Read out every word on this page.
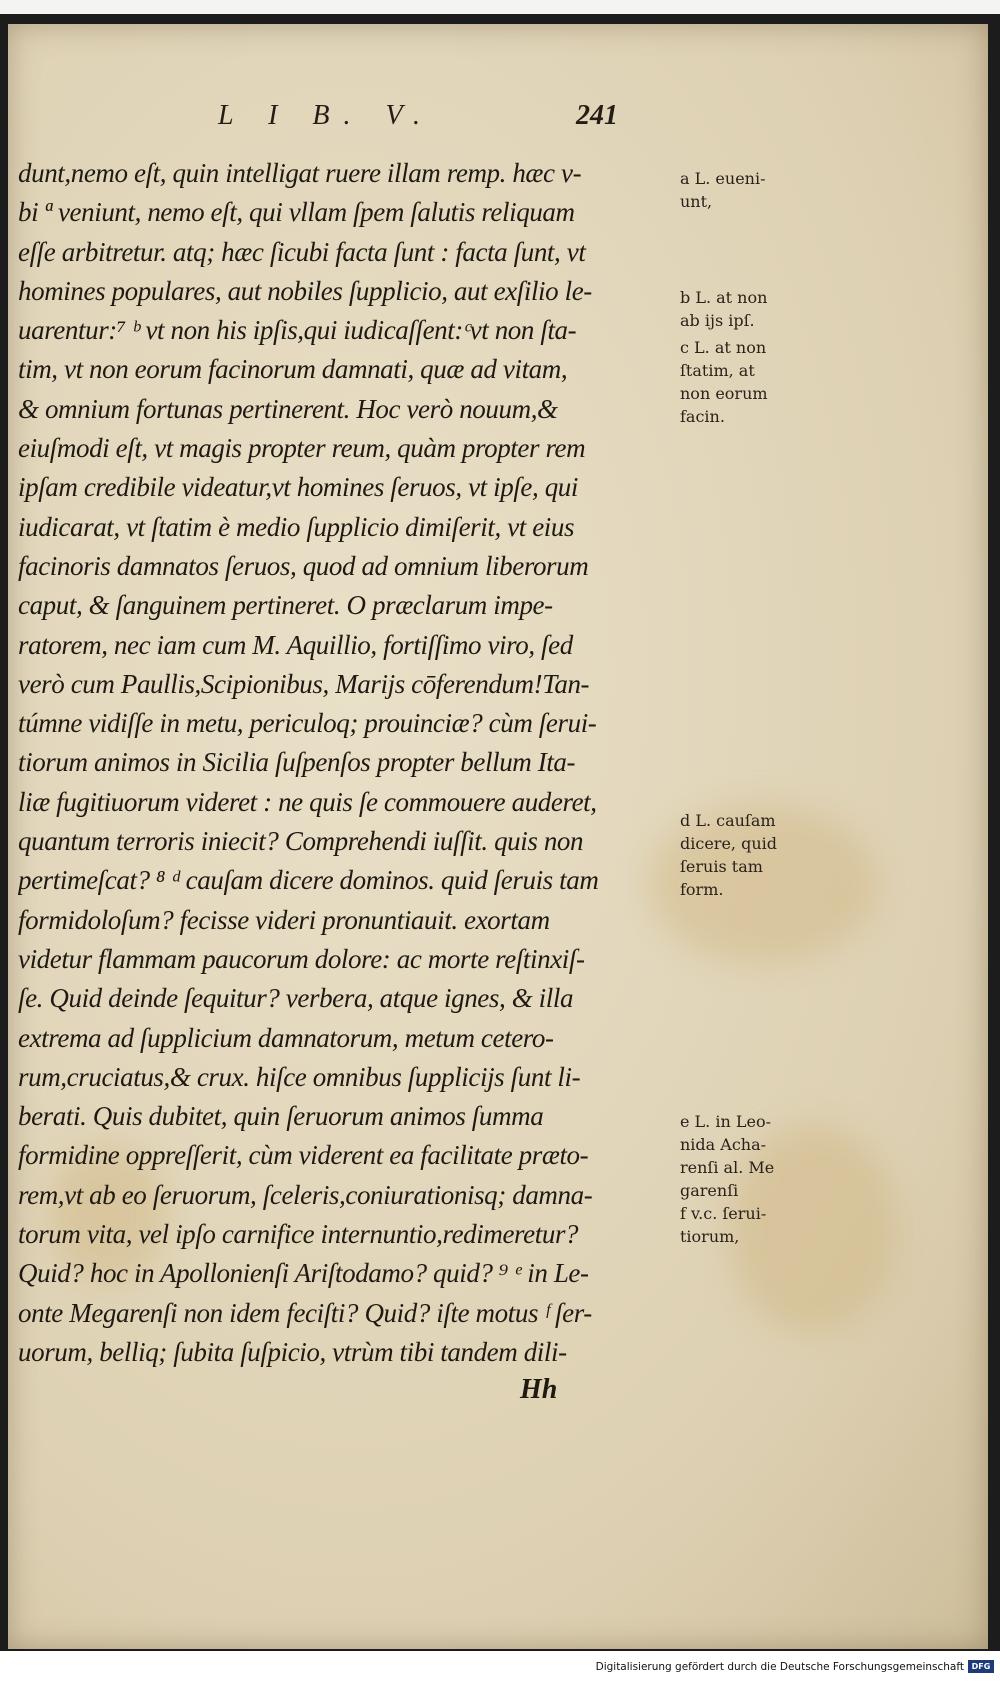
L I B. V.	241
dunt,nemo eſt, quin intelligat ruere illam remp. hæc v-
bi ª veniunt, nemo eſt, qui vllam ſpem ſalutis reliquam
eſſe arbitretur. atq; hæc ſicubi facta ſunt : facta ſunt, vt
homines populares, aut nobiles ſupplicio, aut exſilio le-
uarentur:⁷ ᵇ vt non his ipſis,qui iudicaſſent:ᶜvt non ſta-
tim, vt non eorum facinorum damnati, quæ ad vitam,
& omnium fortunas pertinerent. Hoc verò nouum,&
eiuſmodi eſt, vt magis propter reum, quàm propter rem
ipſam credibile videatur,vt homines ſeruos, vt ipſe, qui
iudicarat, vt ſtatim è medio ſupplicio dimiſerit, vt eius
facinoris damnatos ſeruos, quod ad omnium liberorum
caput, & ſanguinem pertineret. O præclarum impe-
ratorem, nec iam cum M. Aquillio, fortiſſimo viro, ſed
verò cum Paullis,Scipionibus, Marijs cōferendum!Tan-
túmne vidiſſe in metu, periculoq; prouinciæ? cùm ſerui-
tiorum animos in Sicilia ſuſpenſos propter bellum Ita-
liæ fugitiuorum videret : ne quis ſe commouere auderet,
quantum terroris iniecit? Comprehendi iuſſit. quis non
pertimeſcat? ⁸ ᵈ cauſam dicere dominos. quid ſeruis tam
formidoloſum? fecisse videri pronuntiauit. exortam
videtur flammam paucorum dolore: ac morte reſtinxiſ-
ſe. Quid deinde ſequitur? verbera, atque ignes, & illa
extrema ad ſupplicium damnatorum, metum cetero-
rum,cruciatus,& crux. hiſce omnibus ſupplicijs ſunt li-
berati. Quis dubitet, quin ſeruorum animos ſumma
formidine oppreſſerit, cùm viderent ea facilitate præto-
rem,vt ab eo ſeruorum, ſceleris,coniurationisq; damna-
torum vita, vel ipſo carnifice internuntio,redimeretur?
Quid? hoc in Apollonienſi Ariſtodamo? quid? ⁹ ᵉ in Le-
onte Megarenſi non idem feciſti? Quid? iſte motus ᶠ ſer-
uorum, belliq; ſubita ſuſpicio, vtrùm tibi tandem dili-
a L. eueni-
unt,
b L. at non
ab ijs ipſ.
c L. at non
ſtatim, at
non eorum
facin.
d L. cauſam
dicere, quid
ſeruis tam
form.
e L. in Leo-
nida Acha-
renſi al. Me
garenſi
f v.c. ſerui-
tiorum,
Hh
Digitalisierung gefördert durch die Deutsche Forschungsgemeinschaft DFG
